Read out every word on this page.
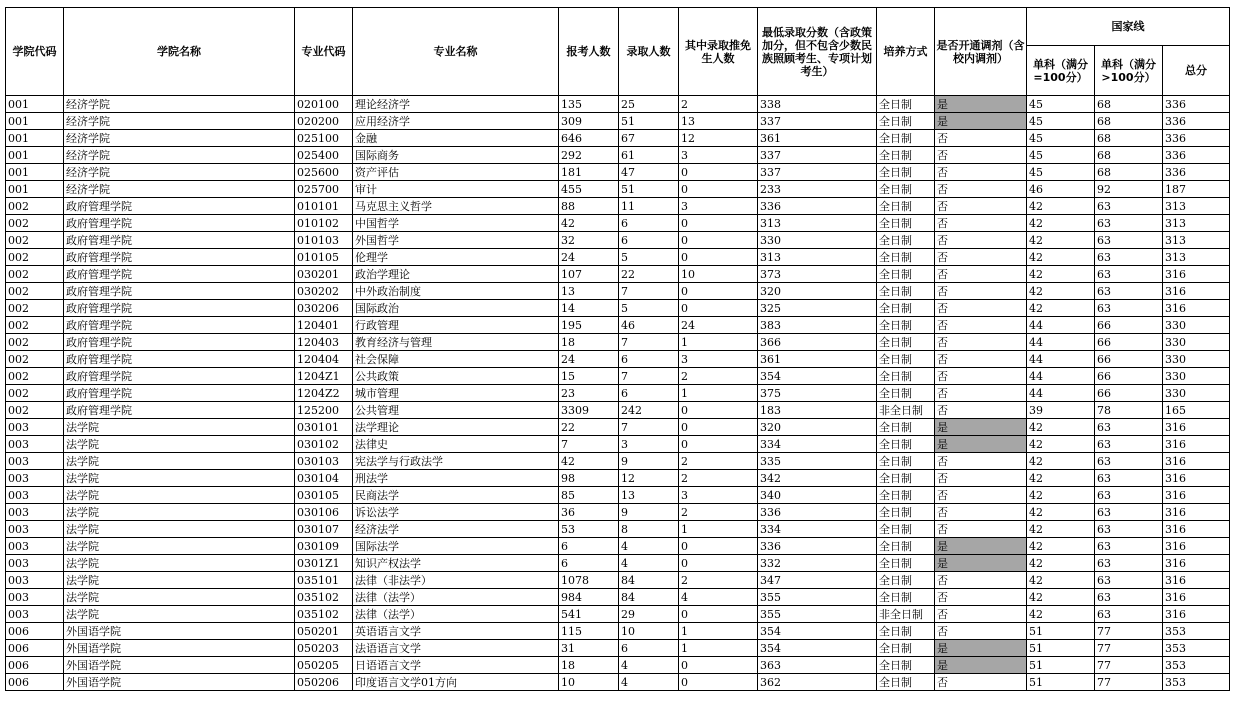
学院代码	学院名称	专业代码	专业名称	报考人数	录取人数	其中录取推免生人数	最低录取分数（含政策加分，但不包含少数民族照顾考生、专项计划考生）	培养方式	是否开通调剂（含校内调剂）	国家线		
										单科（满分=100分）	单科（满分>100分）	总分
001	经济学院	020100	理论经济学	135	25	2	338	全日制	是	45	68	336
001	经济学院	020200	应用经济学	309	51	13	337	全日制	是	45	68	336
001	经济学院	025100	金融	646	67	12	361	全日制	否	45	68	336
001	经济学院	025400	国际商务	292	61	3	337	全日制	否	45	68	336
001	经济学院	025600	资产评估	181	47	0	337	全日制	否	45	68	336
001	经济学院	025700	审计	455	51	0	233	全日制	否	46	92	187
002	政府管理学院	010101	马克思主义哲学	88	11	3	336	全日制	否	42	63	313
002	政府管理学院	010102	中国哲学	42	6	0	313	全日制	否	42	63	313
002	政府管理学院	010103	外国哲学	32	6	0	330	全日制	否	42	63	313
002	政府管理学院	010105	伦理学	24	5	0	313	全日制	否	42	63	313
002	政府管理学院	030201	政治学理论	107	22	10	373	全日制	否	42	63	316
002	政府管理学院	030202	中外政治制度	13	7	0	320	全日制	否	42	63	316
002	政府管理学院	030206	国际政治	14	5	0	325	全日制	否	42	63	316
002	政府管理学院	120401	行政管理	195	46	24	383	全日制	否	44	66	330
002	政府管理学院	120403	教育经济与管理	18	7	1	366	全日制	否	44	66	330
002	政府管理学院	120404	社会保障	24	6	3	361	全日制	否	44	66	330
002	政府管理学院	1204Z1	公共政策	15	7	2	354	全日制	否	44	66	330
002	政府管理学院	1204Z2	城市管理	23	6	1	375	全日制	否	44	66	330
002	政府管理学院	125200	公共管理	3309	242	0	183	非全日制	否	39	78	165
003	法学院	030101	法学理论	22	7	0	320	全日制	是	42	63	316
003	法学院	030102	法律史	7	3	0	334	全日制	是	42	63	316
003	法学院	030103	宪法学与行政法学	42	9	2	335	全日制	否	42	63	316
003	法学院	030104	刑法学	98	12	2	342	全日制	否	42	63	316
003	法学院	030105	民商法学	85	13	3	340	全日制	否	42	63	316
003	法学院	030106	诉讼法学	36	9	2	336	全日制	否	42	63	316
003	法学院	030107	经济法学	53	8	1	334	全日制	否	42	63	316
003	法学院	030109	国际法学	6	4	0	336	全日制	是	42	63	316
003	法学院	0301Z1	知识产权法学	6	4	0	332	全日制	是	42	63	316
003	法学院	035101	法律（非法学）	1078	84	2	347	全日制	否	42	63	316
003	法学院	035102	法律（法学）	984	84	4	355	全日制	否	42	63	316
003	法学院	035102	法律（法学）	541	29	0	355	非全日制	否	42	63	316
006	外国语学院	050201	英语语言文学	115	10	1	354	全日制	否	51	77	353
006	外国语学院	050203	法语语言文学	31	6	1	354	全日制	是	51	77	353
006	外国语学院	050205	日语语言文学	18	4	0	363	全日制	是	51	77	353
006	外国语学院	050206	印度语言文学01方向	10	4	0	362	全日制	否	51	77	353
